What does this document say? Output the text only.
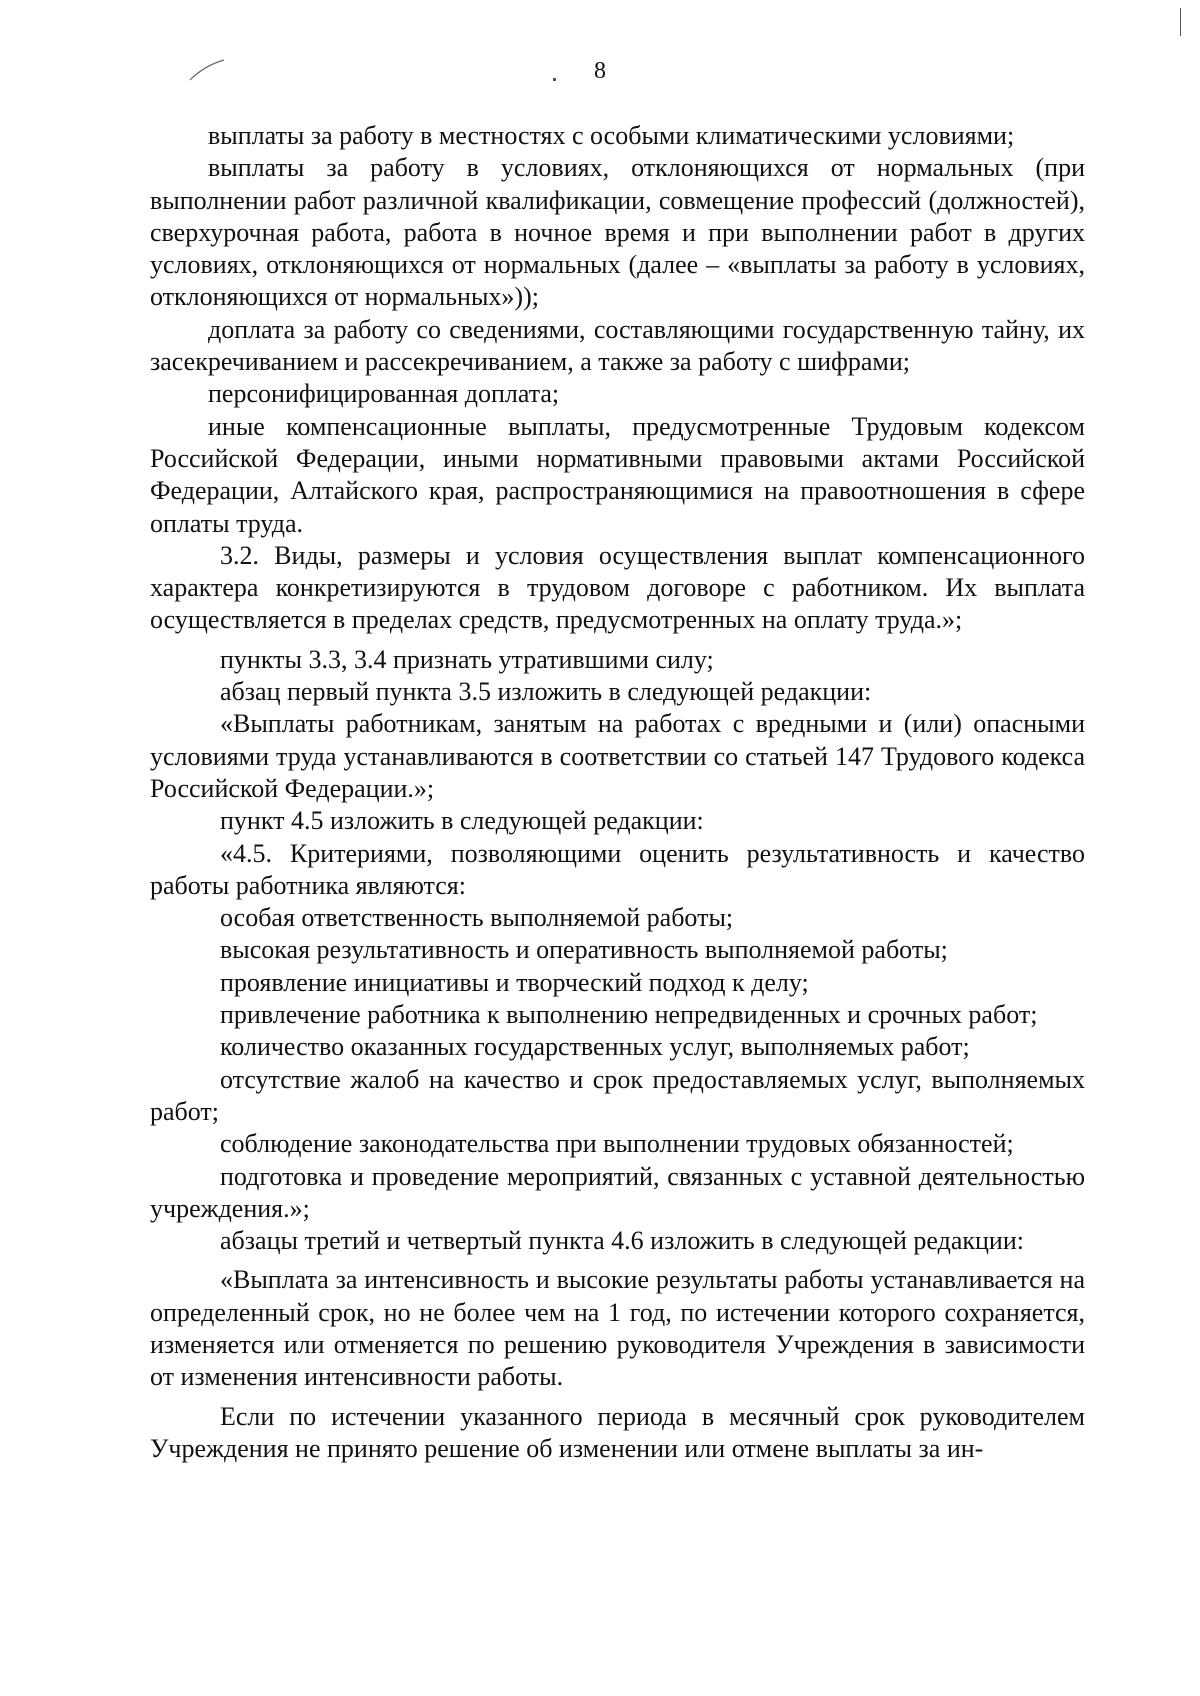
8

выплаты за работу в местностях с особыми климатическими условиями;

выплаты за работу в условиях, отклоняющихся от нормальных (при выполнении работ различной квалификации, совмещение профессий (должностей), сверхурочная работа, работа в ночное время и при выполнении работ в других условиях, отклоняющихся от нормальных (далее – «выплаты за работу в условиях, отклоняющихся от нормальных»));

доплата за работу со сведениями, составляющими государственную тайну, их засекречиванием и рассекречиванием, а также за работу с шифрами;

персонифицированная доплата;

иные компенсационные выплаты, предусмотренные Трудовым кодексом Российской Федерации, иными нормативными правовыми актами Российской Федерации, Алтайского края, распространяющимися на правоотношения в сфере оплаты труда.

3.2. Виды, размеры и условия осуществления выплат компенсационного характера конкретизируются в трудовом договоре с работником. Их выплата осуществляется в пределах средств, предусмотренных на оплату труда.»;

пункты 3.3, 3.4 признать утратившими силу;

абзац первый пункта 3.5 изложить в следующей редакции:

«Выплаты работникам, занятым на работах с вредными и (или) опасными условиями труда устанавливаются в соответствии со статьей 147 Трудового кодекса Российской Федерации.»;

пункт 4.5 изложить в следующей редакции:

«4.5. Критериями, позволяющими оценить результативность и качество работы работника являются:

особая ответственность выполняемой работы;

высокая результативность и оперативность выполняемой работы;

проявление инициативы и творческий подход к делу;

привлечение работника к выполнению непредвиденных и срочных работ;

количество оказанных государственных услуг, выполняемых работ;

отсутствие жалоб на качество и срок предоставляемых услуг, выполняемых работ;

соблюдение законодательства при выполнении трудовых обязанностей;

подготовка и проведение мероприятий, связанных с уставной деятельностью учреждения.»;

абзацы третий и четвертый пункта 4.6 изложить в следующей редакции:

«Выплата за интенсивность и высокие результаты работы устанавливается на определенный срок, но не более чем на 1 год, по истечении которого сохраняется, изменяется или отменяется по решению руководителя Учреждения в зависимости от изменения интенсивности работы.

Если по истечении указанного периода в месячный срок руководителем Учреждения не принято решение об изменении или отмене выплаты за ин-
